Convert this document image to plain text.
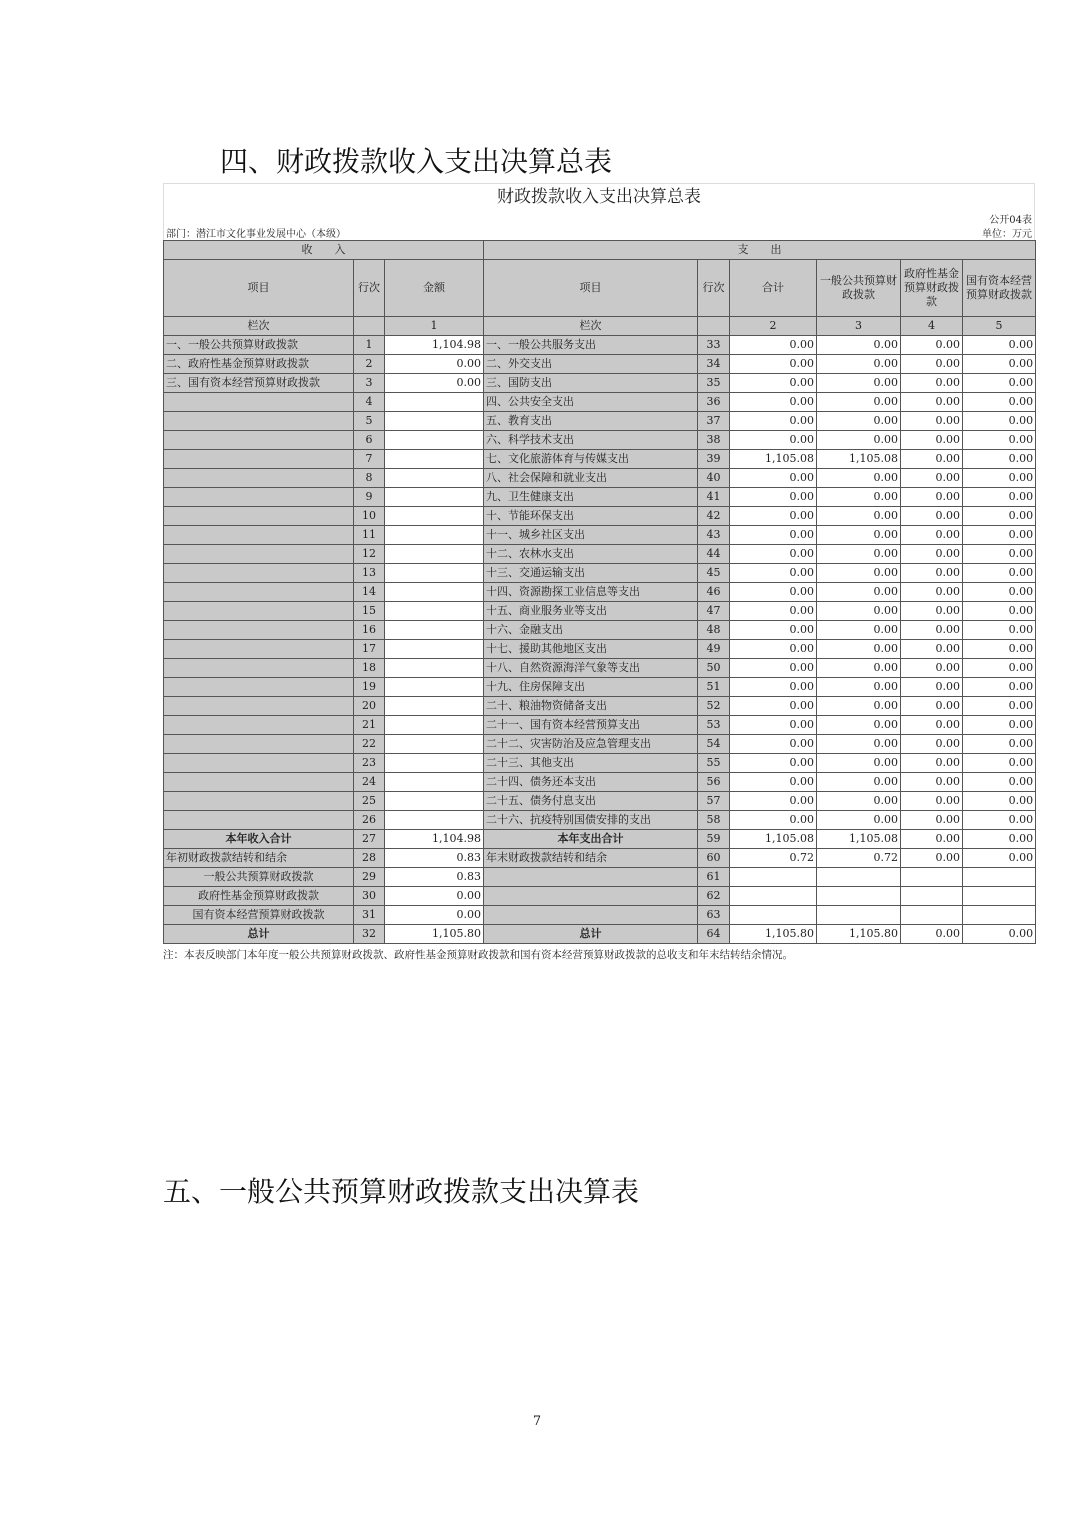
四、财政拨款收入支出决算总表
财政拨款收入支出决算总表
公开04表
部门：潜江市文化事业发展中心（本级）	单位：万元
收　　入			支　　出					
项目	行次	金额	项目	行次	合计	一般公共预算财政拨款	政府性基金预算财政拨款	国有资本经营预算财政拨款
栏次		1	栏次		2	3	4	5
一、一般公共预算财政拨款	1	1,104.98	一、一般公共服务支出	33	0.00	0.00	0.00	0.00
二、政府性基金预算财政拨款	2	0.00	二、外交支出	34	0.00	0.00	0.00	0.00
三、国有资本经营预算财政拨款	3	0.00	三、国防支出	35	0.00	0.00	0.00	0.00
	4		四、公共安全支出	36	0.00	0.00	0.00	0.00
	5		五、教育支出	37	0.00	0.00	0.00	0.00
	6		六、科学技术支出	38	0.00	0.00	0.00	0.00
	7		七、文化旅游体育与传媒支出	39	1,105.08	1,105.08	0.00	0.00
	8		八、社会保障和就业支出	40	0.00	0.00	0.00	0.00
	9		九、卫生健康支出	41	0.00	0.00	0.00	0.00
	10		十、节能环保支出	42	0.00	0.00	0.00	0.00
	11		十一、城乡社区支出	43	0.00	0.00	0.00	0.00
	12		十二、农林水支出	44	0.00	0.00	0.00	0.00
	13		十三、交通运输支出	45	0.00	0.00	0.00	0.00
	14		十四、资源勘探工业信息等支出	46	0.00	0.00	0.00	0.00
	15		十五、商业服务业等支出	47	0.00	0.00	0.00	0.00
	16		十六、金融支出	48	0.00	0.00	0.00	0.00
	17		十七、援助其他地区支出	49	0.00	0.00	0.00	0.00
	18		十八、自然资源海洋气象等支出	50	0.00	0.00	0.00	0.00
	19		十九、住房保障支出	51	0.00	0.00	0.00	0.00
	20		二十、粮油物资储备支出	52	0.00	0.00	0.00	0.00
	21		二十一、国有资本经营预算支出	53	0.00	0.00	0.00	0.00
	22		二十二、灾害防治及应急管理支出	54	0.00	0.00	0.00	0.00
	23		二十三、其他支出	55	0.00	0.00	0.00	0.00
	24		二十四、债务还本支出	56	0.00	0.00	0.00	0.00
	25		二十五、债务付息支出	57	0.00	0.00	0.00	0.00
	26		二十六、抗疫特别国债安排的支出	58	0.00	0.00	0.00	0.00
本年收入合计	27	1,104.98	本年支出合计	59	1,105.08	1,105.08	0.00	0.00
年初财政拨款结转和结余	28	0.83	年末财政拨款结转和结余	60	0.72	0.72	0.00	0.00
一般公共预算财政拨款	29	0.83		61				
政府性基金预算财政拨款	30	0.00		62				
国有资本经营预算财政拨款	31	0.00		63				
总计	32	1,105.80	总计	64	1,105.80	1,105.80	0.00	0.00
注：本表反映部门本年度一般公共预算财政拨款、政府性基金预算财政拨款和国有资本经营预算财政拨款的总收支和年末结转结余情况。
五、一般公共预算财政拨款支出决算表
7
